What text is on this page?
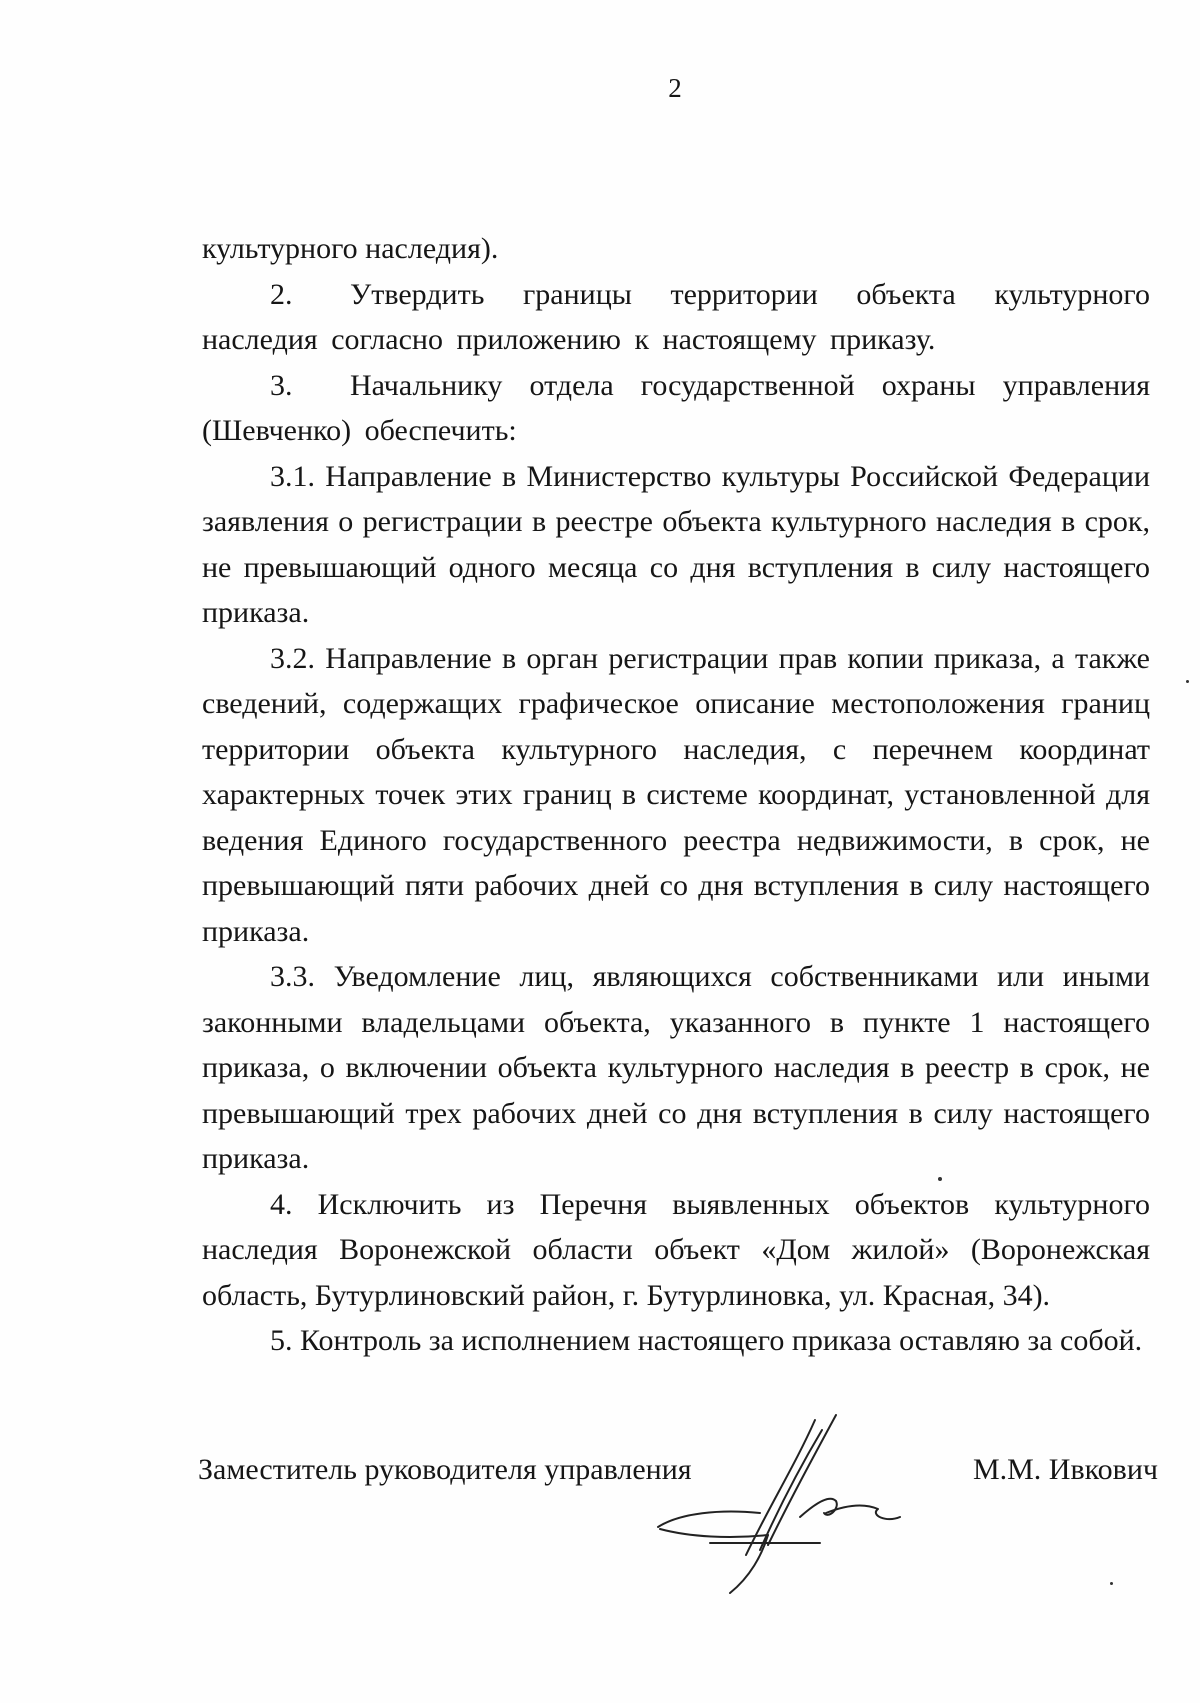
2

культурного наследия).

2. Утвердить границы территории объекта культурного наследия согласно приложению к настоящему приказу.

3. Начальнику отдела государственной охраны управления (Шевченко) обеспечить:

3.1. Направление в Министерство культуры Российской Федерации заявления о регистрации в реестре объекта культурного наследия в срок, не превышающий одного месяца со дня вступления в силу настоящего приказа.

3.2. Направление в орган регистрации прав копии приказа, а также сведений, содержащих графическое описание местоположения границ территории объекта культурного наследия, с перечнем координат характерных точек этих границ в системе координат, установленной для ведения Единого государственного реестра недвижимости, в срок, не превышающий пяти рабочих дней со дня вступления в силу настоящего приказа.

3.3. Уведомление лиц, являющихся собственниками или иными законными владельцами объекта, указанного в пункте 1 настоящего приказа, о включении объекта культурного наследия в реестр в срок, не превышающий трех рабочих дней со дня вступления в силу настоящего приказа.

4. Исключить из Перечня выявленных объектов культурного наследия Воронежской области объект «Дом жилой» (Воронежская область, Бутурлиновский район, г. Бутурлиновка, ул. Красная, 34).

5. Контроль за исполнением настоящего приказа оставляю за собой.

Заместитель руководителя управления	М.М. Ивкович
